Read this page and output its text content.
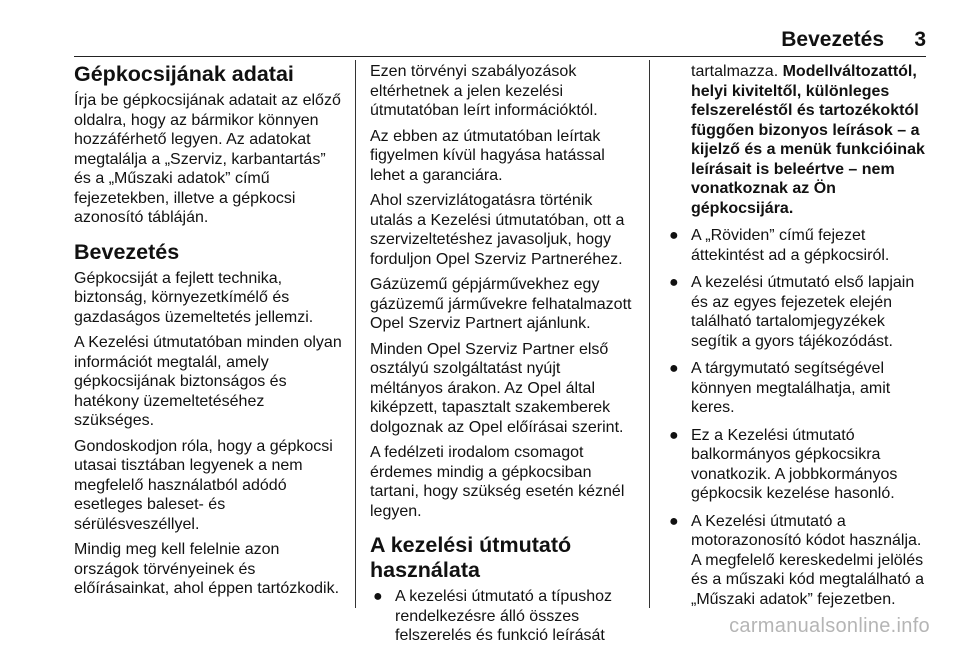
Bevezetés 3
Gépkocsijának adatai

Írja be gépkocsijának adatait az előző oldalra, hogy az bármikor könnyen hozzáférhető legyen. Az adatokat megtalálja a „Szerviz, karbantartás” és a „Műszaki adatok” című fejezetekben, illetve a gépkocsi azonosító tábláján.

Bevezetés

Gépkocsiját a fejlett technika, biztonság, környezetkímélő és gazdaságos üzemeltetés jellemzi.

A Kezelési útmutatóban minden olyan információt megtalál, amely gépkocsijának biztonságos és hatékony üzemeltetéséhez szükséges.

Gondoskodjon róla, hogy a gépkocsi utasai tisztában legyenek a nem megfelelő használatból adódó esetleges baleset- és sérülésveszéllyel.

Mindig meg kell felelnie azon országok törvényeinek és előírásainkat, ahol éppen tartózkodik.

Ezen törvényi szabályozások eltérhetnek a jelen kezelési útmutatóban leírt információktól.

Az ebben az útmutatóban leírtak figyelmen kívül hagyása hatással lehet a garanciára.

Ahol szervizlátogatásra történik utalás a Kezelési útmutatóban, ott a szervizeltetéshez javasoljuk, hogy forduljon Opel Szerviz Partneréhez.

Gázüzemű gépjárművekhez egy gázüzemű járművekre felhatalmazott Opel Szerviz Partnert ajánlunk.

Minden Opel Szerviz Partner első osztályú szolgáltatást nyújt méltányos árakon. Az Opel által kiképzett, tapasztalt szakemberek dolgoznak az Opel előírásai szerint.

A fedélzeti irodalom csomagot érdemes mindig a gépkocsiban tartani, hogy szükség esetén kéznél legyen.

A kezelési útmutató használata
● A kezelési útmutató a típushoz rendelkezésre álló összes felszerelés és funkció leírását
tartalmazza. Modellváltozattól, helyi kiviteltől, különleges felszereléstől és tartozékoktól függően bizonyos leírások – a kijelző és a menük funkcióinak leírásait is beleértve – nem vonatkoznak az Ön gépkocsijára.
● A „Röviden” című fejezet áttekintést ad a gépkocsiról.
● A kezelési útmutató első lapjain és az egyes fejezetek elején található tartalomjegyzékek segítik a gyors tájékozódást.
● A tárgymutató segítségével könnyen megtalálhatja, amit keres.
● Ez a Kezelési útmutató balkormányos gépkocsikra vonatkozik. A jobbkormányos gépkocsik kezelése hasonló.
● A Kezelési útmutató a motorazonosító kódot használja. A megfelelő kereskedelmi jelölés és a műszaki kód megtalálható a „Műszaki adatok” fejezetben.
carmanualsonline.info
